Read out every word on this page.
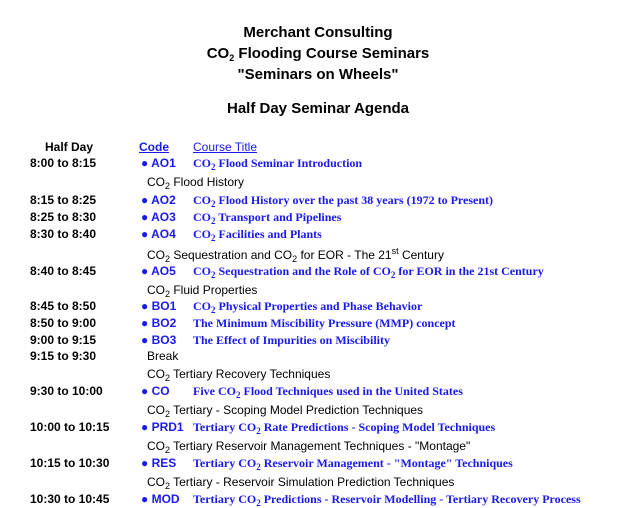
Merchant Consulting
$CO_2$ Flooding Course Seminars
"Seminars on Wheels"
Half Day Seminar Agenda
Half Day	Code Course Title
8:00 to 8:15	● AO1 $CO_2$ Flood Seminar Introduction
$CO_2$ Flood History
8:15 to 8:25	● AO2 $CO_2$ Flood History over the past 38 years (1972 to Present)
8:25 to 8:30	● AO3 $CO_2$ Transport and Pipelines
8:30 to 8:40	● AO4 $CO_2$ Facilities and Plants
$CO_2$ Sequestration and $CO_2$ for EOR - The 21st Century
8:40 to 8:45	● AO5 $CO_2$ Sequestration and the Role of $CO_2$ for EOR in the 21st Century
$CO_2$ Fluid Properties
8:45 to 8:50	● BO1 $CO_2$ Physical Properties and Phase Behavior
8:50 to 9:00	● BO2 The Minimum Miscibility Pressure (MMP) concept
9:00 to 9:15	● BO3 The Effect of Impurities on Miscibility
9:15 to 9:30	Break
$CO_2$ Tertiary Recovery Techniques
9:30 to 10:00	● CO Five $CO_2$ Flood Techniques used in the United States
$CO_2$ Tertiary - Scoping Model Prediction Techniques
10:00 to 10:15	● PRD1 Tertiary $CO_2$ Rate Predictions - Scoping Model Techniques
$CO_2$ Tertiary Reservoir Management Techniques - "Montage"
10:15 to 10:30	● RES Tertiary $CO_2$ Reservoir Management - "Montage" Techniques
$CO_2$ Tertiary - Reservoir Simulation Prediction Techniques
10:30 to 10:45	● MOD Tertiary $CO_2$ Predictions - Reservoir Modelling - Tertiary Recovery Process
